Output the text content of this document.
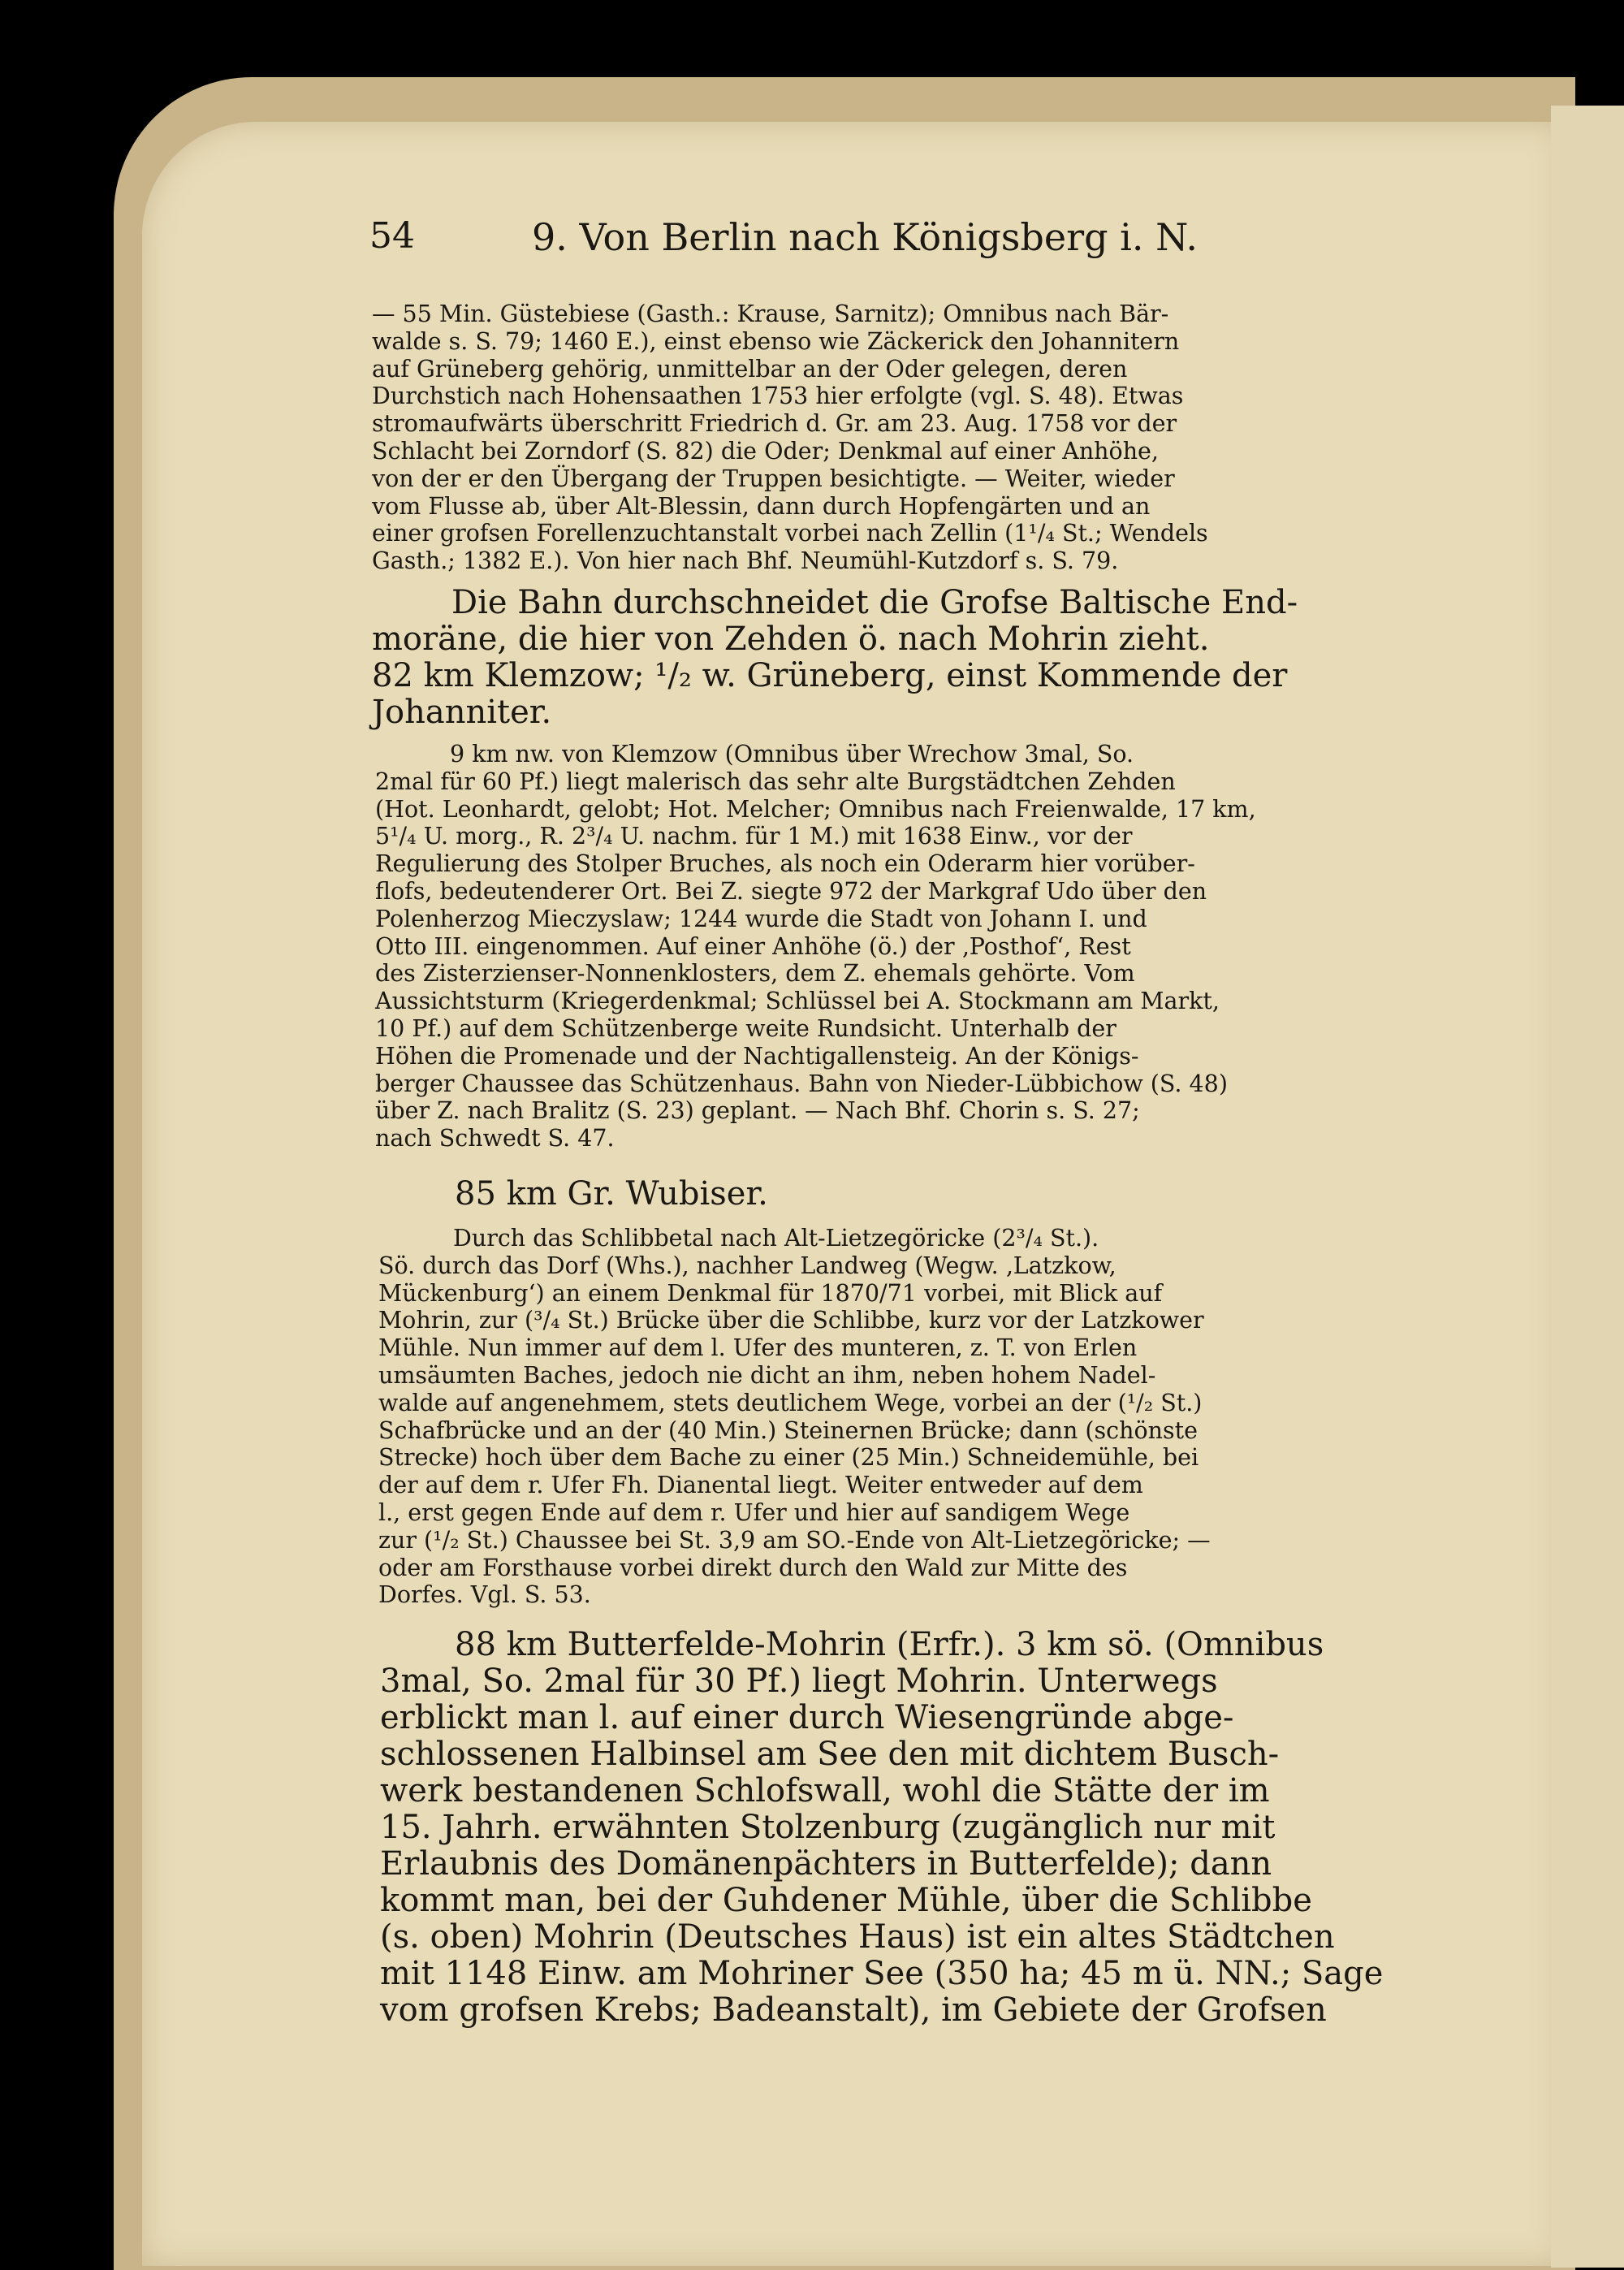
54	9. Von Berlin nach Königsberg i. N.
— 55 Min. Güstebiese (Gasth.: Krause, Sarnitz); Omnibus nach Bär-
walde s. S. 79; 1460 E.), einst ebenso wie Zäckerick den Johannitern
auf Grüneberg gehörig, unmittelbar an der Oder gelegen, deren
Durchstich nach Hohensaathen 1753 hier erfolgte (vgl. S. 48). Etwas
stromaufwärts überschritt Friedrich d. Gr. am 23. Aug. 1758 vor der
Schlacht bei Zorndorf (S. 82) die Oder; Denkmal auf einer Anhöhe,
von der er den Übergang der Truppen besichtigte. — Weiter, wieder
vom Flusse ab, über Alt-Blessin, dann durch Hopfengärten und an
einer grofsen Forellenzuchtanstalt vorbei nach Zellin (1¹/₄ St.; Wendels
Gasth.; 1382 E.). Von hier nach Bhf. Neumühl-Kutzdorf s. S. 79.
Die Bahn durchschneidet die Grofse Baltische End-
moräne, die hier von Zehden ö. nach Mohrin zieht.
82 km Klemzow; ¹/₂ w. Grüneberg, einst Kommende der
Johanniter.
9 km nw. von Klemzow (Omnibus über Wrechow 3mal, So.
2mal für 60 Pf.) liegt malerisch das sehr alte Burgstädtchen Zehden
(Hot. Leonhardt, gelobt; Hot. Melcher; Omnibus nach Freienwalde, 17 km,
5¹/₄ U. morg., R. 2³/₄ U. nachm. für 1 M.) mit 1638 Einw., vor der
Regulierung des Stolper Bruches, als noch ein Oderarm hier vorüber-
flofs, bedeutenderer Ort. Bei Z. siegte 972 der Markgraf Udo über den
Polenherzog Mieczyslaw; 1244 wurde die Stadt von Johann I. und
Otto III. eingenommen. Auf einer Anhöhe (ö.) der ‚Posthof‘, Rest
des Zisterzienser-Nonnenklosters, dem Z. ehemals gehörte. Vom
Aussichtsturm (Kriegerdenkmal; Schlüssel bei A. Stockmann am Markt,
10 Pf.) auf dem Schützenberge weite Rundsicht. Unterhalb der
Höhen die Promenade und der Nachtigallensteig. An der Königs-
berger Chaussee das Schützenhaus. Bahn von Nieder-Lübbichow (S. 48)
über Z. nach Bralitz (S. 23) geplant. — Nach Bhf. Chorin s. S. 27;
nach Schwedt S. 47.
85 km Gr. Wubiser.
Durch das Schlibbetal nach Alt-Lietzegöricke (2³/₄ St.).
Sö. durch das Dorf (Whs.), nachher Landweg (Wegw. ‚Latzkow,
Mückenburg‘) an einem Denkmal für 1870/71 vorbei, mit Blick auf
Mohrin, zur (³/₄ St.) Brücke über die Schlibbe, kurz vor der Latzkower
Mühle. Nun immer auf dem l. Ufer des munteren, z. T. von Erlen
umsäumten Baches, jedoch nie dicht an ihm, neben hohem Nadel-
walde auf angenehmem, stets deutlichem Wege, vorbei an der (¹/₂ St.)
Schafbrücke und an der (40 Min.) Steinernen Brücke; dann (schönste
Strecke) hoch über dem Bache zu einer (25 Min.) Schneidemühle, bei
der auf dem r. Ufer Fh. Dianental liegt. Weiter entweder auf dem
l., erst gegen Ende auf dem r. Ufer und hier auf sandigem Wege
zur (¹/₂ St.) Chaussee bei St. 3,9 am SO.-Ende von Alt-Lietzegöricke; —
oder am Forsthause vorbei direkt durch den Wald zur Mitte des
Dorfes. Vgl. S. 53.
88 km Butterfelde-Mohrin (Erfr.). 3 km sö. (Omnibus
3mal, So. 2mal für 30 Pf.) liegt Mohrin. Unterwegs
erblickt man l. auf einer durch Wiesengründe abge-
schlossenen Halbinsel am See den mit dichtem Busch-
werk bestandenen Schlofswall, wohl die Stätte der im
15. Jahrh. erwähnten Stolzenburg (zugänglich nur mit
Erlaubnis des Domänenpächters in Butterfelde); dann
kommt man, bei der Guhdener Mühle, über die Schlibbe
(s. oben) Mohrin (Deutsches Haus) ist ein altes Städtchen
mit 1148 Einw. am Mohriner See (350 ha; 45 m ü. NN.; Sage
vom grofsen Krebs; Badeanstalt), im Gebiete der Grofsen
